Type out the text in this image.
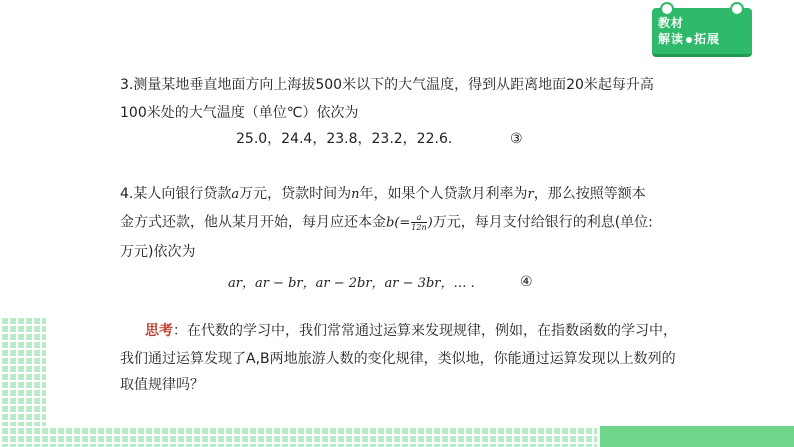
教材
解读 拓展
3.测量某地垂直地面方向上海拔500米以下的大气温度，得到从距离地面20米起每升高
100米处的大气温度（单位℃）依次为
25.0，24.4，23.8，23.2，22.6.	③
4.某人向银行贷款a万元，贷款时间为n年，如果个人贷款月利率为r，那么按照等额本
金方式还款，他从某月开始，每月应还本金$b(= \frac{a}{12n}$ )万元，每月支付给银行的利息(单位:
万元)依次为
ar，ar − br，ar − 2br，ar − 3br，… .	④
思考：在代数的学习中，我们常常通过运算来发现规律，例如，在指数函数的学习中，
我们通过运算发现了A,B两地旅游人数的变化规律，类似地，你能通过运算发现以上数列的
取值规律吗？
